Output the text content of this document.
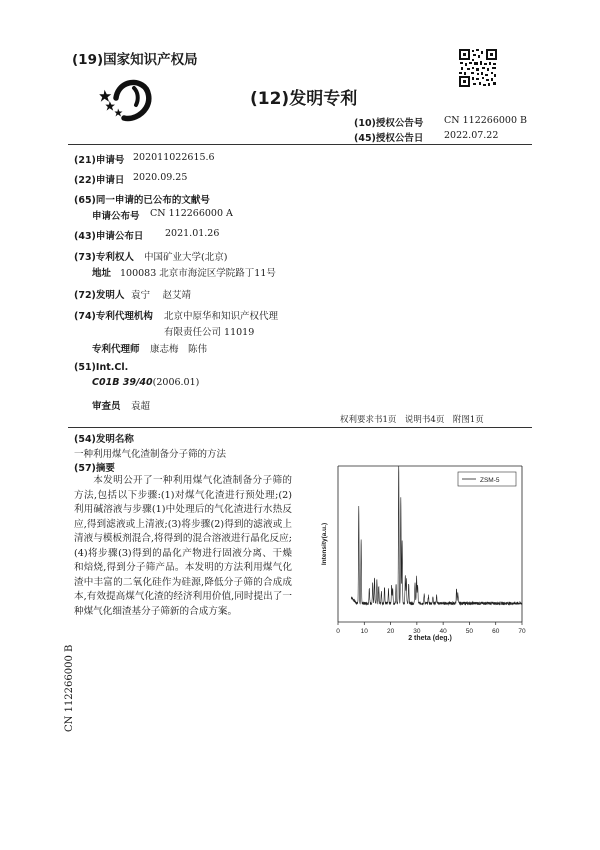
(19)国家知识产权局
(12)发明专利
(10)授权公告号 CN 112266000 B
(45)授权公告日 2022.07.22
(21)申请号 202011022615.6
(22)申请日 2020.09.25
(65)同一申请的已公布的文献号
申请公布号 CN 112266000 A
(43)申请公布日 2021.01.26
(73)专利权人 中国矿业大学(北京)
地址 100083 北京市海淀区学院路丁11号
(72)发明人 袁宁　 赵艾靖
(74)专利代理机构 北京中原华和知识产权代理
有限责任公司 11019
专利代理师 康志梅　陈伟
(51)Int.Cl.
C01B 39/40(2006.01)
审查员 袁超
权利要求书1页　说明书4页　附图1页
(54)发明名称
一种利用煤气化渣制备分子筛的方法
(57)摘要
本发明公开了一种利用煤气化渣制备分子筛的方法,包括以下步骤:(1)对煤气化渣进行预处理;(2)利用碱溶液与步骤(1)中处理后的气化渣进行水热反应,得到滤液或上清液;(3)将步骤(2)得到的滤液或上清液与模板剂混合,将得到的混合溶液进行晶化反应;(4)将步骤(3)得到的晶化产物进行固液分离、干燥和焙烧,得到分子筛产品。本发明的方法利用煤气化渣中丰富的二氧化硅作为硅源,降低分子筛的合成成本,有效提高煤气化渣的经济利用价值,同时提出了一种煤气化细渣基分子筛新的合成方案。
0	10	20	30	40	50	60	70
ZSM-5
Intensity(a.u.)
2 theta (deg.)
CN 112266000 B
